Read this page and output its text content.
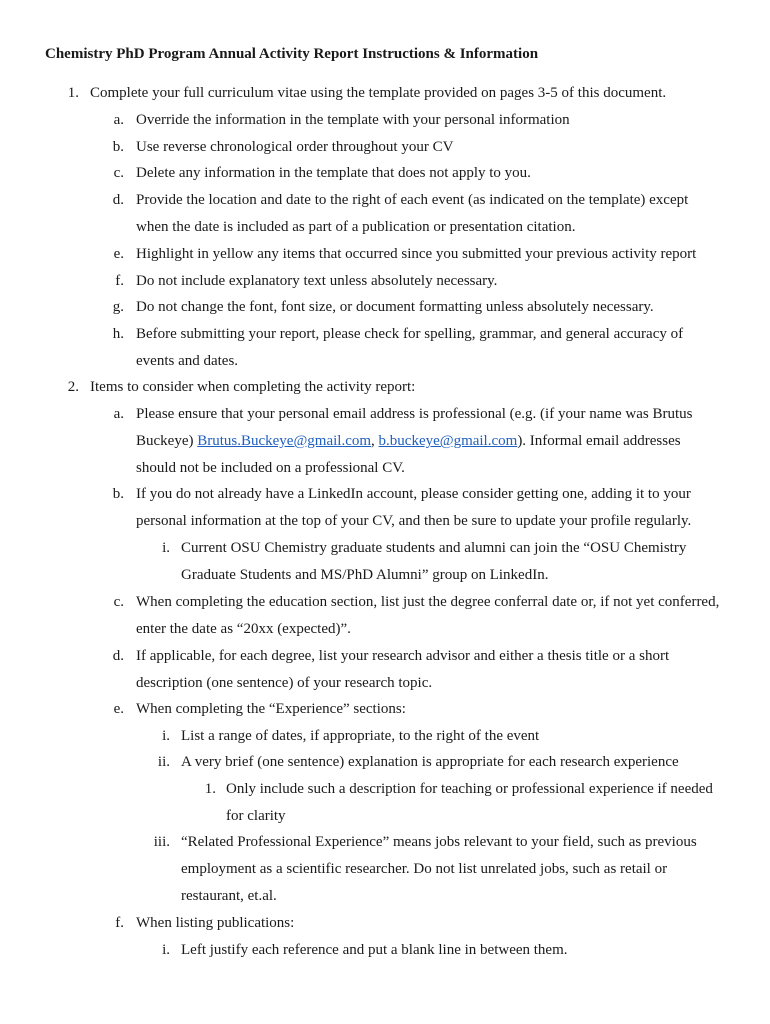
Chemistry PhD Program Annual Activity Report Instructions & Information
1. Complete your full curriculum vitae using the template provided on pages 3-5 of this document.
a. Override the information in the template with your personal information
b. Use reverse chronological order throughout your CV
c. Delete any information in the template that does not apply to you.
d. Provide the location and date to the right of each event (as indicated on the template) except
when the date is included as part of a publication or presentation citation.
e. Highlight in yellow any items that occurred since you submitted your previous activity report
f. Do not include explanatory text unless absolutely necessary.
g. Do not change the font, font size, or document formatting unless absolutely necessary.
h. Before submitting your report, please check for spelling, grammar, and general accuracy of
events and dates.
2. Items to consider when completing the activity report:
a. Please ensure that your personal email address is professional (e.g. (if your name was Brutus
Buckeye) Brutus.Buckeye@gmail.com, b.buckeye@gmail.com). Informal email addresses
should not be included on a professional CV.
b. If you do not already have a LinkedIn account, please consider getting one, adding it to your
personal information at the top of your CV, and then be sure to update your profile regularly.
i. Current OSU Chemistry graduate students and alumni can join the “OSU Chemistry
Graduate Students and MS/PhD Alumni” group on LinkedIn.
c. When completing the education section, list just the degree conferral date or, if not yet conferred,
enter the date as “20xx (expected)”.
d. If applicable, for each degree, list your research advisor and either a thesis title or a short
description (one sentence) of your research topic.
e. When completing the “Experience” sections:
i. List a range of dates, if appropriate, to the right of the event
ii. A very brief (one sentence) explanation is appropriate for each research experience
1. Only include such a description for teaching or professional experience if needed
for clarity
iii. “Related Professional Experience” means jobs relevant to your field, such as previous
employment as a scientific researcher. Do not list unrelated jobs, such as retail or
restaurant, et.al.
f. When listing publications:
i. Left justify each reference and put a blank line in between them.
